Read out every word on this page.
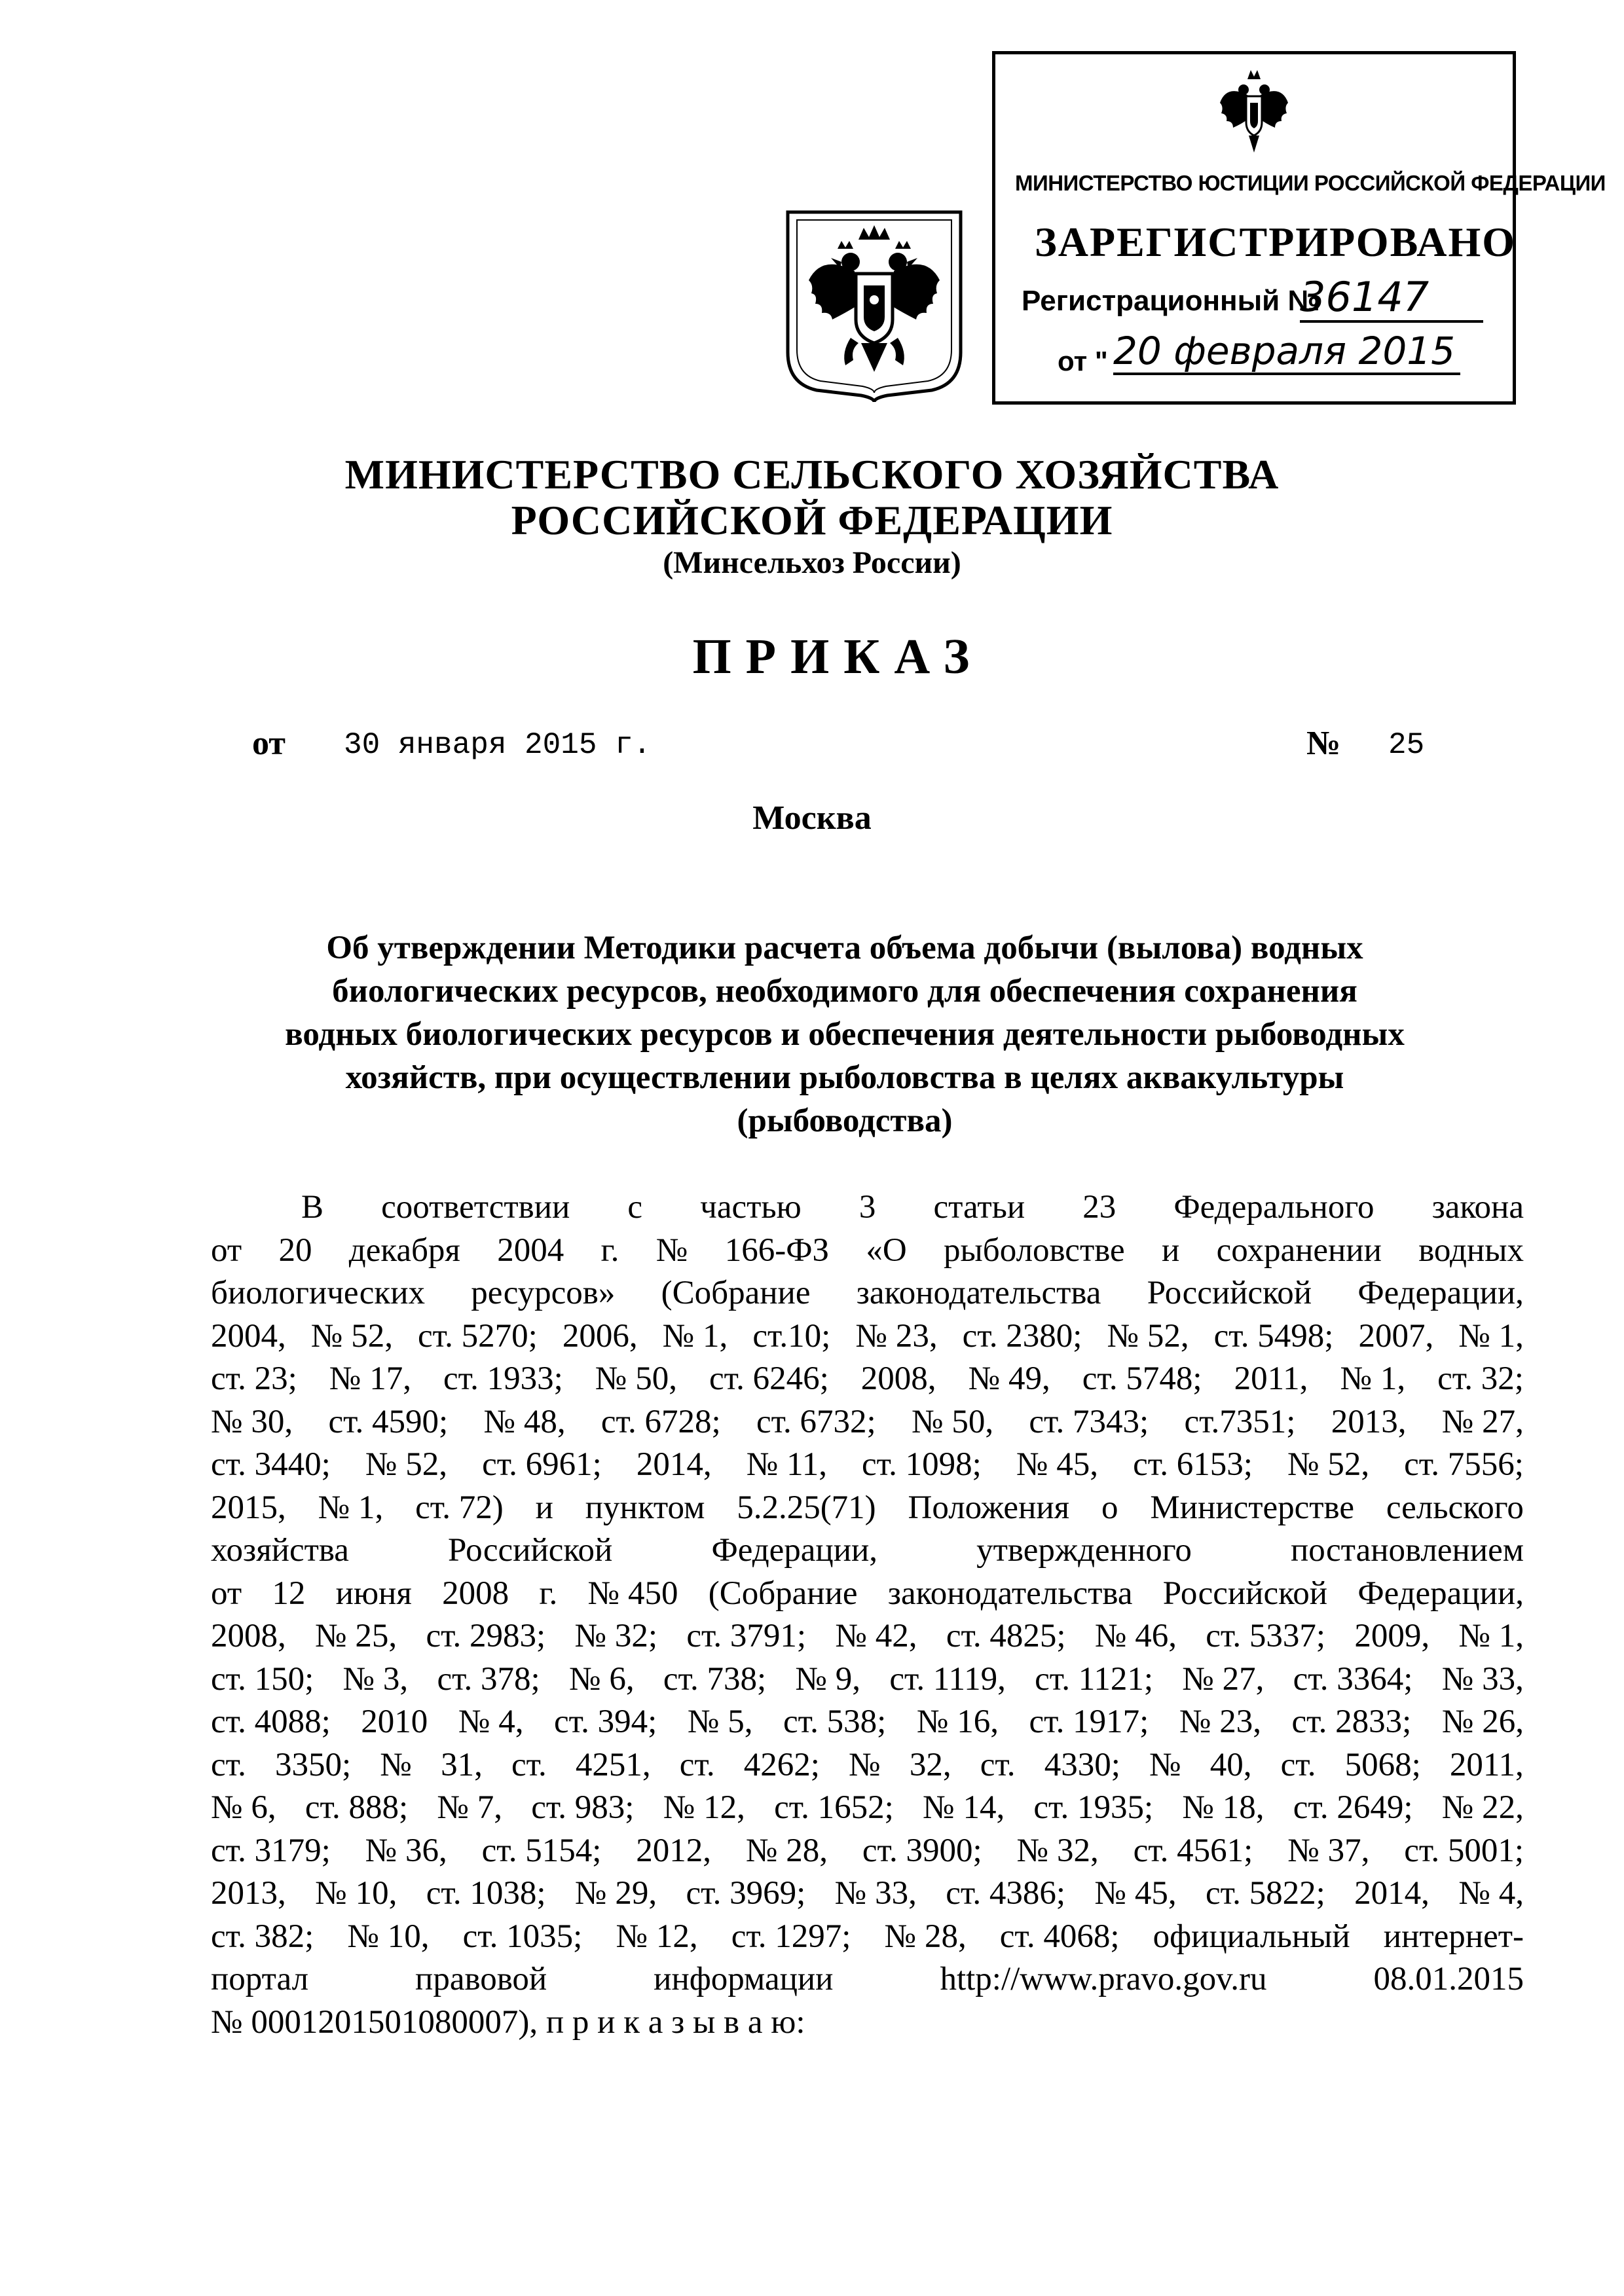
МИНИСТЕРСТВО ЮСТИЦИИ РОССИЙСКОЙ ФЕДЕРАЦИИ
ЗАРЕГИСТРИРОВАНО
Регистрационный №
36147
от " 20 февраля 2015
МИНИСТЕРСТВО СЕЛЬСКОГО ХОЗЯЙСТВА
РОССИЙСКОЙ ФЕДЕРАЦИИ
(Минсельхоз России)
ПРИКАЗ
от 30 января 2015 г.	№ 25
Москва
Об утверждении Методики расчета объема добычи (вылова) водных
биологических ресурсов, необходимого для обеспечения сохранения
водных биологических ресурсов и обеспечения деятельности рыбоводных
хозяйств, при осуществлении рыболовства в целях аквакультуры
(рыбоводства)
В соответствии с частью 3 статьи 23 Федерального закона
от 20 декабря 2004 г. № 166-ФЗ «О рыболовстве и сохранении водных
биологических ресурсов» (Собрание законодательства Российской Федерации,
2004, № 52, ст. 5270; 2006, № 1, ст.10; № 23, ст. 2380; № 52, ст. 5498; 2007, № 1,
ст. 23; № 17, ст. 1933; № 50, ст. 6246; 2008, № 49, ст. 5748; 2011, № 1, ст. 32;
№ 30, ст. 4590; № 48, ст. 6728; ст. 6732; № 50, ст. 7343; ст.7351; 2013, № 27,
ст. 3440; № 52, ст. 6961; 2014, № 11, ст. 1098; № 45, ст. 6153; № 52, ст. 7556;
2015, № 1, ст. 72) и пунктом 5.2.25(71) Положения о Министерстве сельского
хозяйства	Российской	Федерации,	утвержденного	постановлением
от 12 июня 2008 г. № 450 (Собрание законодательства Российской Федерации,
2008, № 25, ст. 2983; № 32; ст. 3791; № 42, ст. 4825; № 46, ст. 5337; 2009, № 1,
ст. 150; № 3, ст. 378; № 6, ст. 738; № 9, ст. 1119, ст. 1121; № 27, ст. 3364; № 33,
ст. 4088; 2010 № 4, ст. 394; № 5, ст. 538; № 16, ст. 1917; № 23, ст. 2833; № 26,
ст. 3350; № 31, ст. 4251, ст. 4262; № 32, ст. 4330; № 40, ст. 5068; 2011,
№ 6, ст. 888; № 7, ст. 983; № 12, ст. 1652; № 14, ст. 1935; № 18, ст. 2649; № 22,
ст. 3179; № 36, ст. 5154; 2012, № 28, ст. 3900; № 32, ст. 4561; № 37, ст. 5001;
2013, № 10, ст. 1038; № 29, ст. 3969; № 33, ст. 4386; № 45, ст. 5822; 2014, № 4,
ст. 382; № 10, ст. 1035; № 12, ст. 1297; № 28, ст. 4068; официальный интернет-
портал	правовой	информации	http://www.pravo.gov.ru	08.01.2015
№ 0001201501080007), п р и к а з ы в а ю:
